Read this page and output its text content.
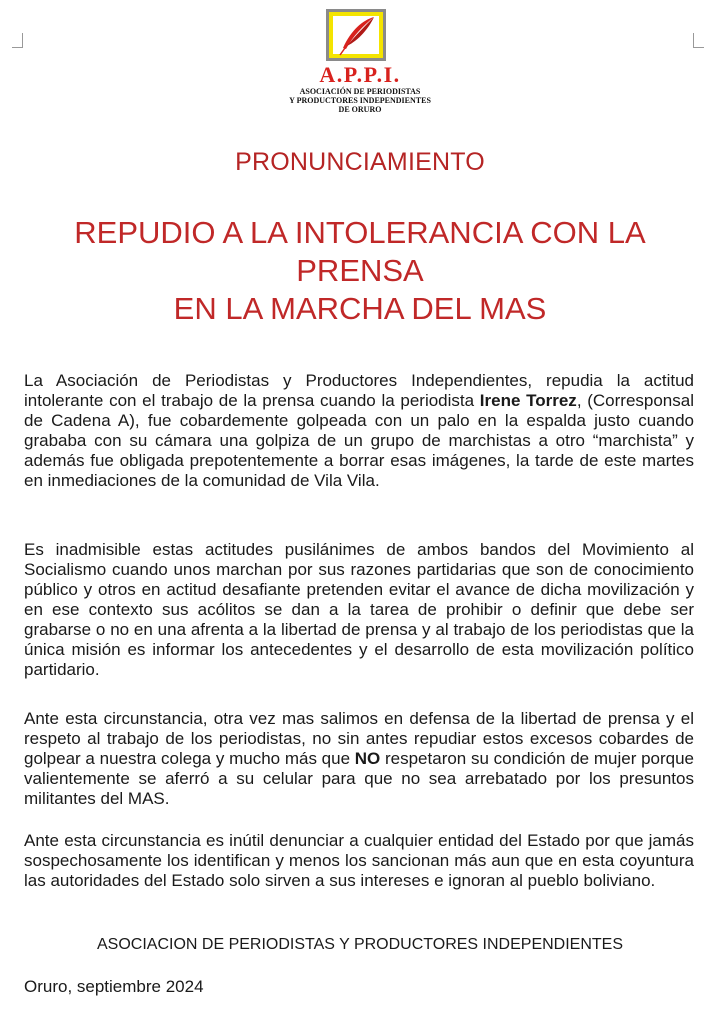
A.P.P.I.
ASOCIACIÓN DE PERIODISTAS
Y PRODUCTORES INDEPENDIENTES
DE ORURO
PRONUNCIAMIENTO
REPUDIO A LA INTOLERANCIA CON LA
PRENSA
EN LA MARCHA DEL MAS

La Asociación de Periodistas y Productores Independientes, repudia la actitud intolerante con el trabajo de la prensa cuando la periodista Irene Torrez, (Corresponsal de Cadena A), fue cobardemente golpeada con un palo en la espalda justo cuando grababa con su cámara una golpiza de un grupo de marchistas a otro “marchista” y además fue obligada prepotentemente a borrar esas imágenes, la tarde de este martes en inmediaciones de la comunidad de Vila Vila.

Es inadmisible estas actitudes pusilánimes de ambos bandos del Movimiento al Socialismo cuando unos marchan por sus razones partidarias que son de conocimiento público y otros en actitud desafiante pretenden evitar el avance de dicha movilización y en ese contexto sus acólitos se dan a la tarea de prohibir o definir que debe ser grabarse o no en una afrenta a la libertad de prensa y al trabajo de los periodistas que la única misión es informar los antecedentes y el desarrollo de esta movilización político partidario.

Ante esta circunstancia, otra vez mas salimos en defensa de la libertad de prensa y el respeto al trabajo de los periodistas, no sin antes repudiar estos excesos cobardes de golpear a nuestra colega y mucho más que NO respetaron su condición de mujer porque valientemente se aferró a su celular para que no sea arrebatado por los presuntos militantes del MAS.

Ante esta circunstancia es inútil denunciar a cualquier entidad del Estado por que jamás sospechosamente los identifican y menos los sancionan más aun que en esta coyuntura las autoridades del Estado solo sirven a sus intereses e ignoran al pueblo boliviano.

ASOCIACION DE PERIODISTAS Y PRODUCTORES INDEPENDIENTES
Oruro, septiembre 2024
